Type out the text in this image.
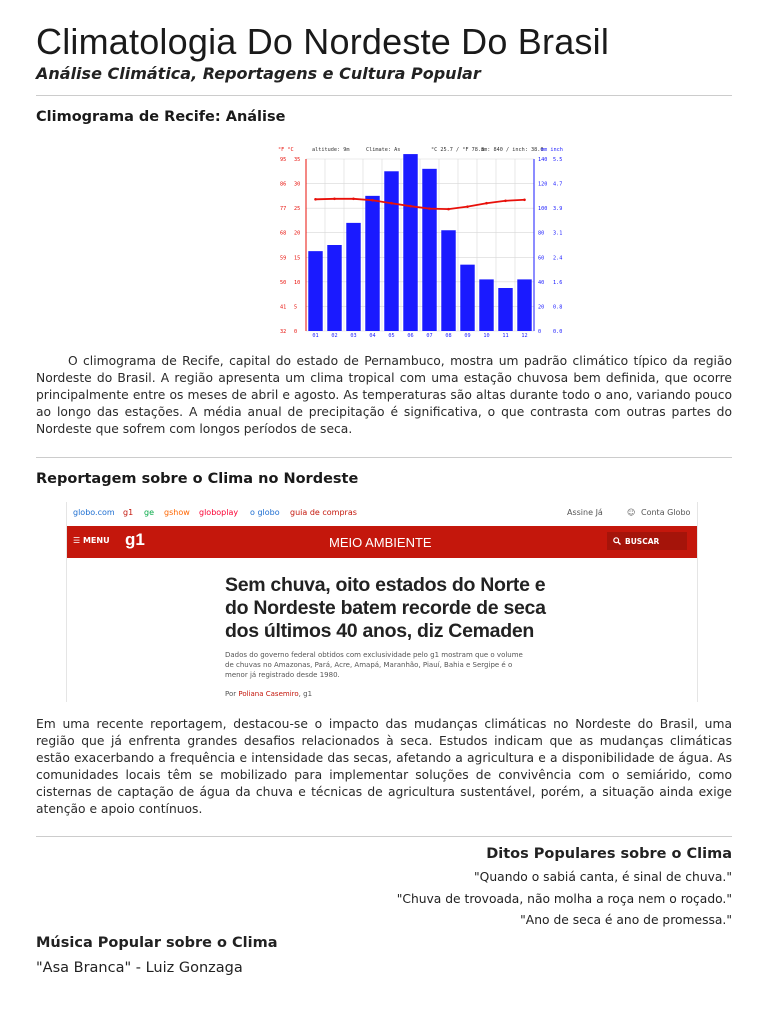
Climatologia Do Nordeste Do Brasil
Análise Climática, Reportagens e Cultura Popular
Climograma de Recife: Análise
°F °C	altitude: 9m	Climate: As	°C 25.7 / °F 78.3
mm: 840 / inch: 38.0
mm inch
95 35	140 5.5
86 30	120 4.7
77 25	100 3.9
68 20	80 3.1
59 15	60 2.4
50 10	40 1.6
41 5	20 0.8
32 0	0 0.0
01 02 03 04 05 06 07 08 09 10 11 12
O climograma de Recife, capital do estado de Pernambuco, mostra um padrão climático típico da região Nordeste do Brasil. A região apresenta um clima tropical com uma estação chuvosa bem definida, que ocorre principalmente entre os meses de abril e agosto. As temperaturas são altas durante todo o ano, variando pouco ao longo das estações. A média anual de precipitação é significativa, o que contrasta com outras partes do Nordeste que sofrem com longos períodos de seca.
Reportagem sobre o Clima no Nordeste
globo.com g1 ge gshow globoplay o globo guia de compras	Assine Já	☺ Conta Globo
☰ MENU g1	MEIO AMBIENTE	BUSCAR
Sem chuva, oito estados do Norte e do Nordeste batem recorde de seca dos últimos 40 anos, diz Cemaden
Dados do governo federal obtidos com exclusividade pelo g1 mostram que o volume de chuvas no Amazonas, Pará, Acre, Amapá, Maranhão, Piauí, Bahia e Sergipe é o menor já registrado desde 1980.
Por Poliana Casemiro, g1
Em uma recente reportagem, destacou-se o impacto das mudanças climáticas no Nordeste do Brasil, uma região que já enfrenta grandes desafios relacionados à seca. Estudos indicam que as mudanças climáticas estão exacerbando a frequência e intensidade das secas, afetando a agricultura e a disponibilidade de água. As comunidades locais têm se mobilizado para implementar soluções de convivência com o semiárido, como cisternas de captação de água da chuva e técnicas de agricultura sustentável, porém, a situação ainda exige atenção e apoio contínuos.
Ditos Populares sobre o Clima
"Quando o sabiá canta, é sinal de chuva."
"Chuva de trovoada, não molha a roça nem o roçado."
"Ano de seca é ano de promessa."
Música Popular sobre o Clima
"Asa Branca" - Luiz Gonzaga
